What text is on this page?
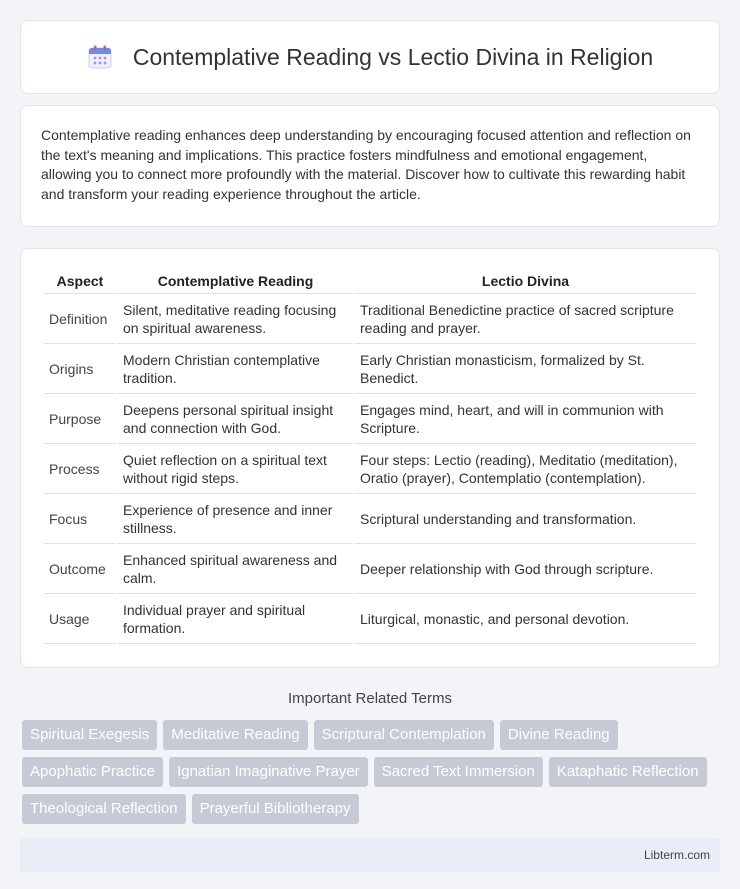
Contemplative Reading vs Lectio Divina in Religion

Contemplative reading enhances deep understanding by encouraging focused attention and reflection on the text's meaning and implications. This practice fosters mindfulness and emotional engagement, allowing you to connect more profoundly with the material. Discover how to cultivate this rewarding habit and transform your reading experience throughout the article.

Aspect	Contemplative Reading	Lectio Divina
Definition	Silent, meditative reading focusing on spiritual awareness.	Traditional Benedictine practice of sacred scripture reading and prayer.
Origins	Modern Christian contemplative tradition.	Early Christian monasticism, formalized by St. Benedict.
Purpose	Deepens personal spiritual insight and connection with God.	Engages mind, heart, and will in communion with Scripture.
Process	Quiet reflection on a spiritual text without rigid steps.	Four steps: Lectio (reading), Meditatio (meditation), Oratio (prayer), Contemplatio (contemplation).
Focus	Experience of presence and inner stillness.	Scriptural understanding and transformation.
Outcome	Enhanced spiritual awareness and calm.	Deeper relationship with God through scripture.
Usage	Individual prayer and spiritual formation.	Liturgical, monastic, and personal devotion.
Important Related Terms
Spiritual Exegesis	Meditative Reading	Scriptural Contemplation	Divine Reading
Apophatic Practice	Ignatian Imaginative Prayer	Sacred Text Immersion	Kataphatic Reflection
Theological Reflection	Prayerful Bibliotherapy
Libterm.com
